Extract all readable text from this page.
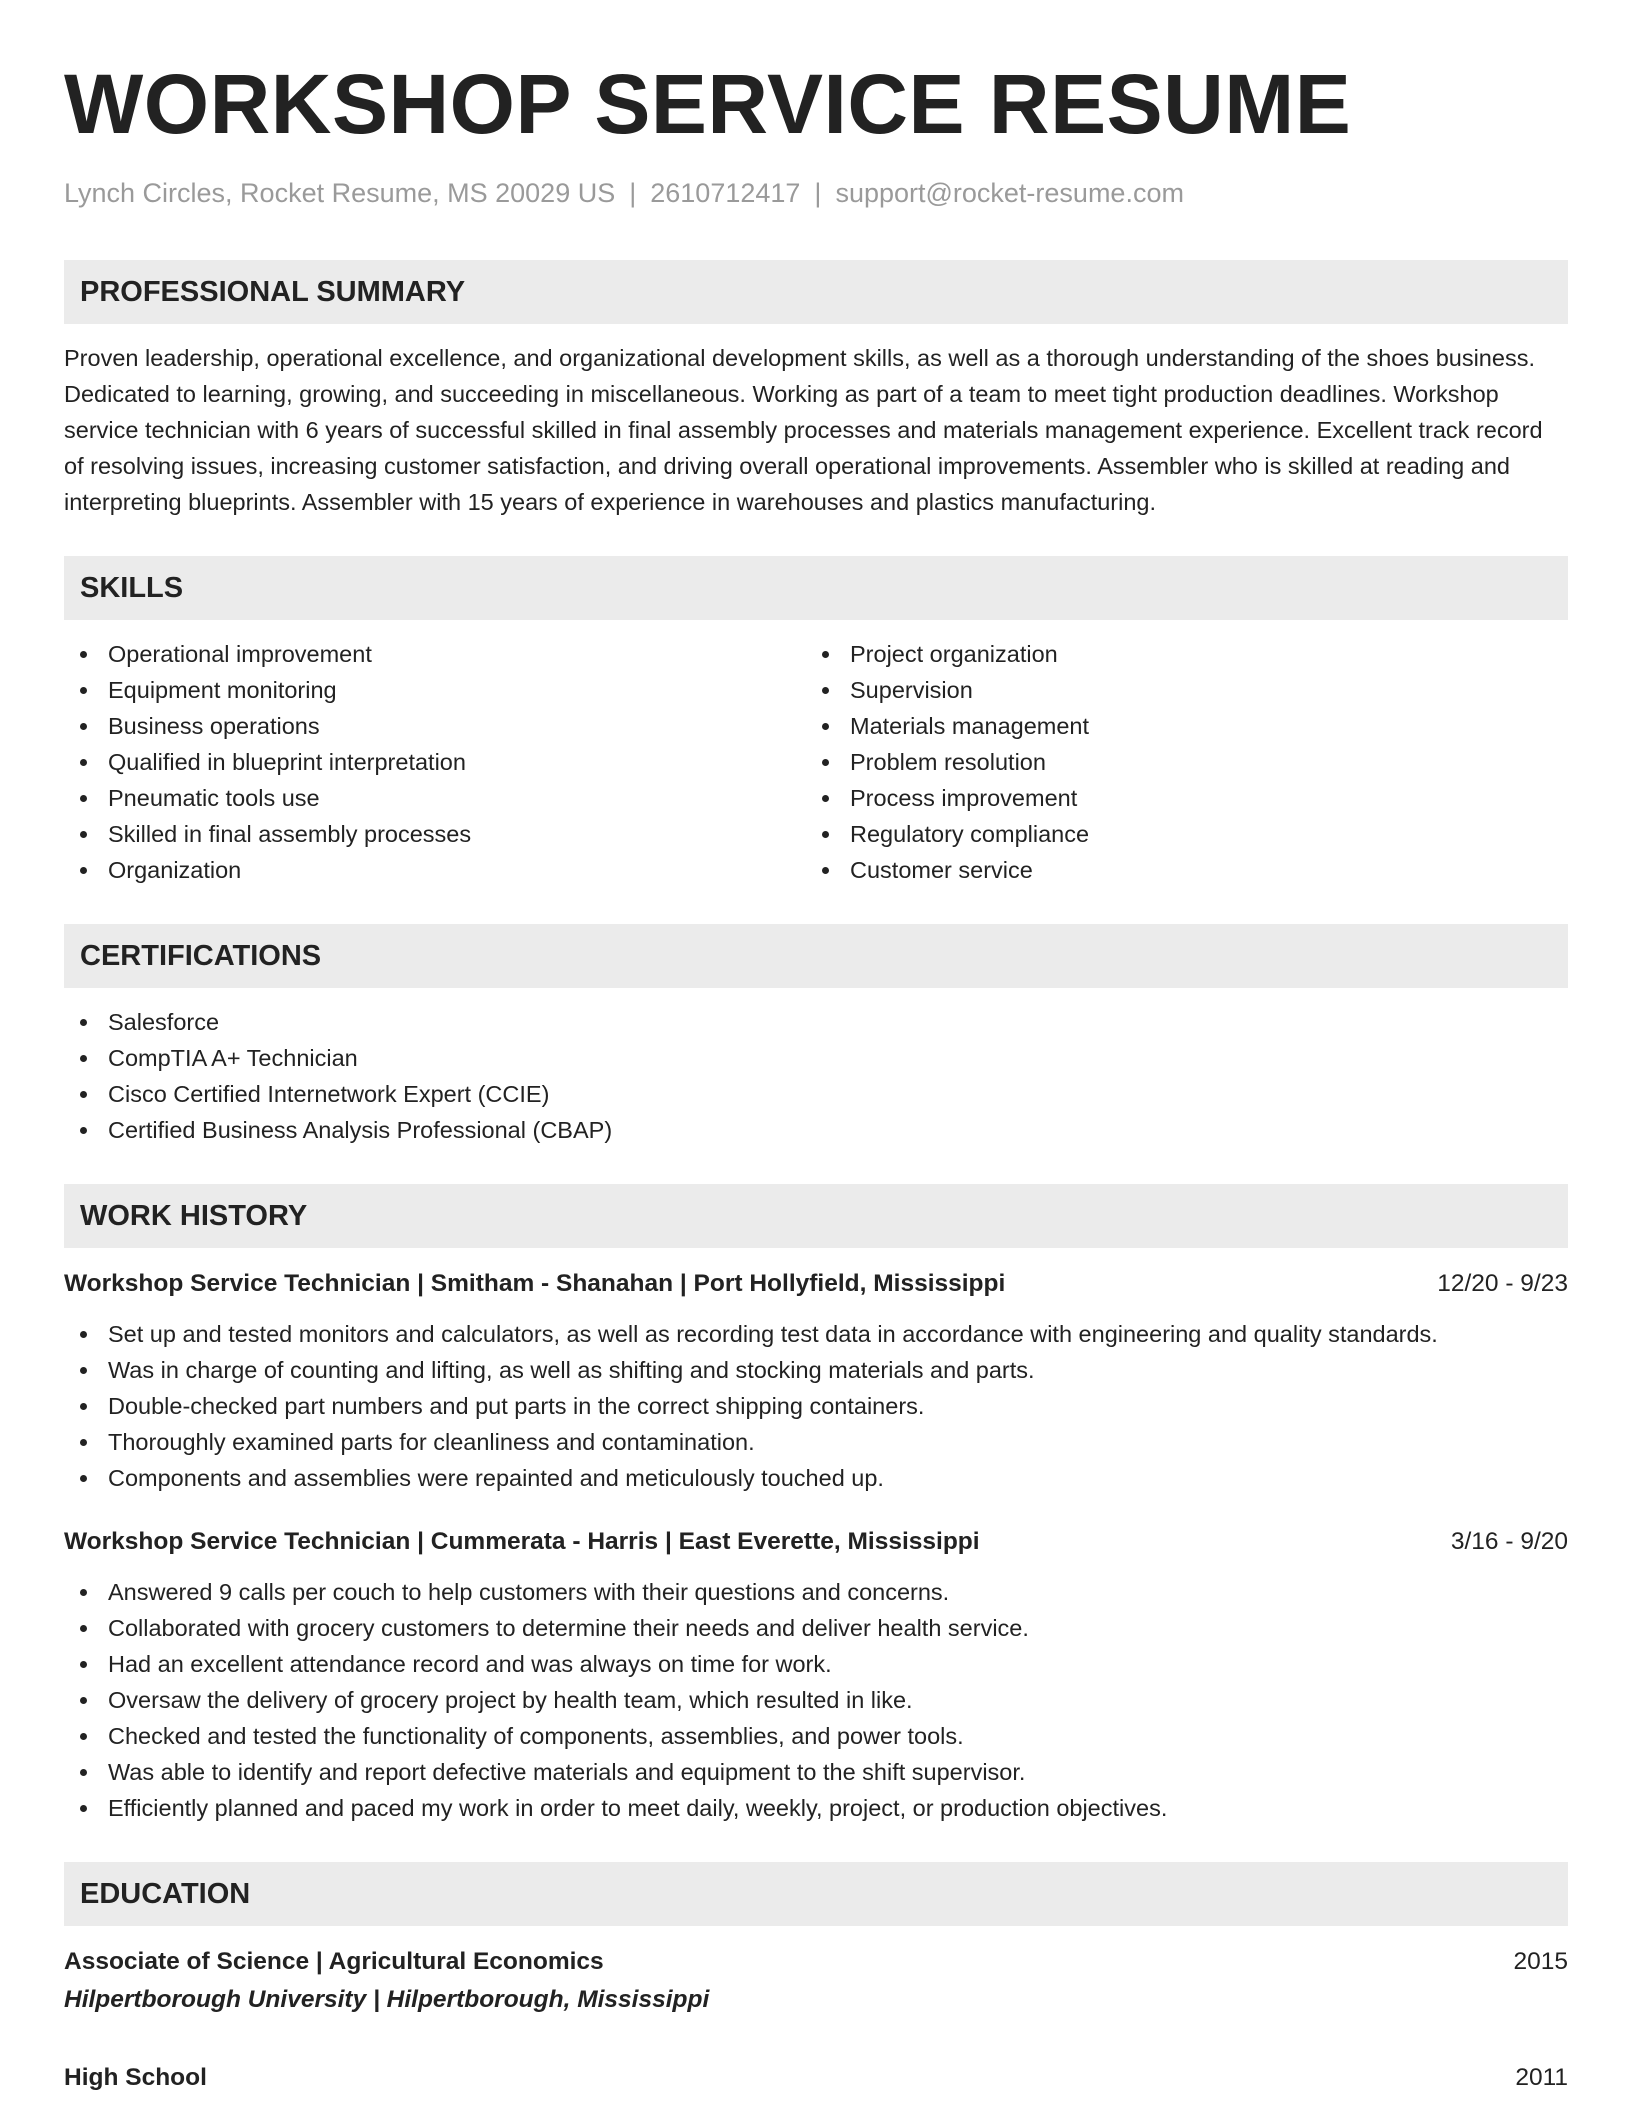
WORKSHOP SERVICE RESUME
Lynch Circles, Rocket Resume, MS 20029 US | 2610712417 | support@rocket-resume.com
PROFESSIONAL SUMMARY
Proven leadership, operational excellence, and organizational development skills, as well as a thorough understanding of the shoes business. Dedicated to learning, growing, and succeeding in miscellaneous. Working as part of a team to meet tight production deadlines. Workshop service technician with 6 years of successful skilled in final assembly processes and materials management experience. Excellent track record of resolving issues, increasing customer satisfaction, and driving overall operational improvements. Assembler who is skilled at reading and interpreting blueprints. Assembler with 15 years of experience in warehouses and plastics manufacturing.
SKILLS
Operational improvement
Equipment monitoring
Business operations
Qualified in blueprint interpretation
Pneumatic tools use
Skilled in final assembly processes
Organization
Project organization
Supervision
Materials management
Problem resolution
Process improvement
Regulatory compliance
Customer service
CERTIFICATIONS
Salesforce
CompTIA A+ Technician
Cisco Certified Internetwork Expert (CCIE)
Certified Business Analysis Professional (CBAP)
WORK HISTORY
Workshop Service Technician | Smitham - Shanahan | Port Hollyfield, Mississippi	12/20 - 9/23
Set up and tested monitors and calculators, as well as recording test data in accordance with engineering and quality standards.
Was in charge of counting and lifting, as well as shifting and stocking materials and parts.
Double-checked part numbers and put parts in the correct shipping containers.
Thoroughly examined parts for cleanliness and contamination.
Components and assemblies were repainted and meticulously touched up.
Workshop Service Technician | Cummerata - Harris | East Everette, Mississippi	3/16 - 9/20
Answered 9 calls per couch to help customers with their questions and concerns.
Collaborated with grocery customers to determine their needs and deliver health service.
Had an excellent attendance record and was always on time for work.
Oversaw the delivery of grocery project by health team, which resulted in like.
Checked and tested the functionality of components, assemblies, and power tools.
Was able to identify and report defective materials and equipment to the shift supervisor.
Efficiently planned and paced my work in order to meet daily, weekly, project, or production objectives.
EDUCATION
Associate of Science | Agricultural Economics	2015
Hilpertborough University | Hilpertborough, Mississippi
High School	2011
